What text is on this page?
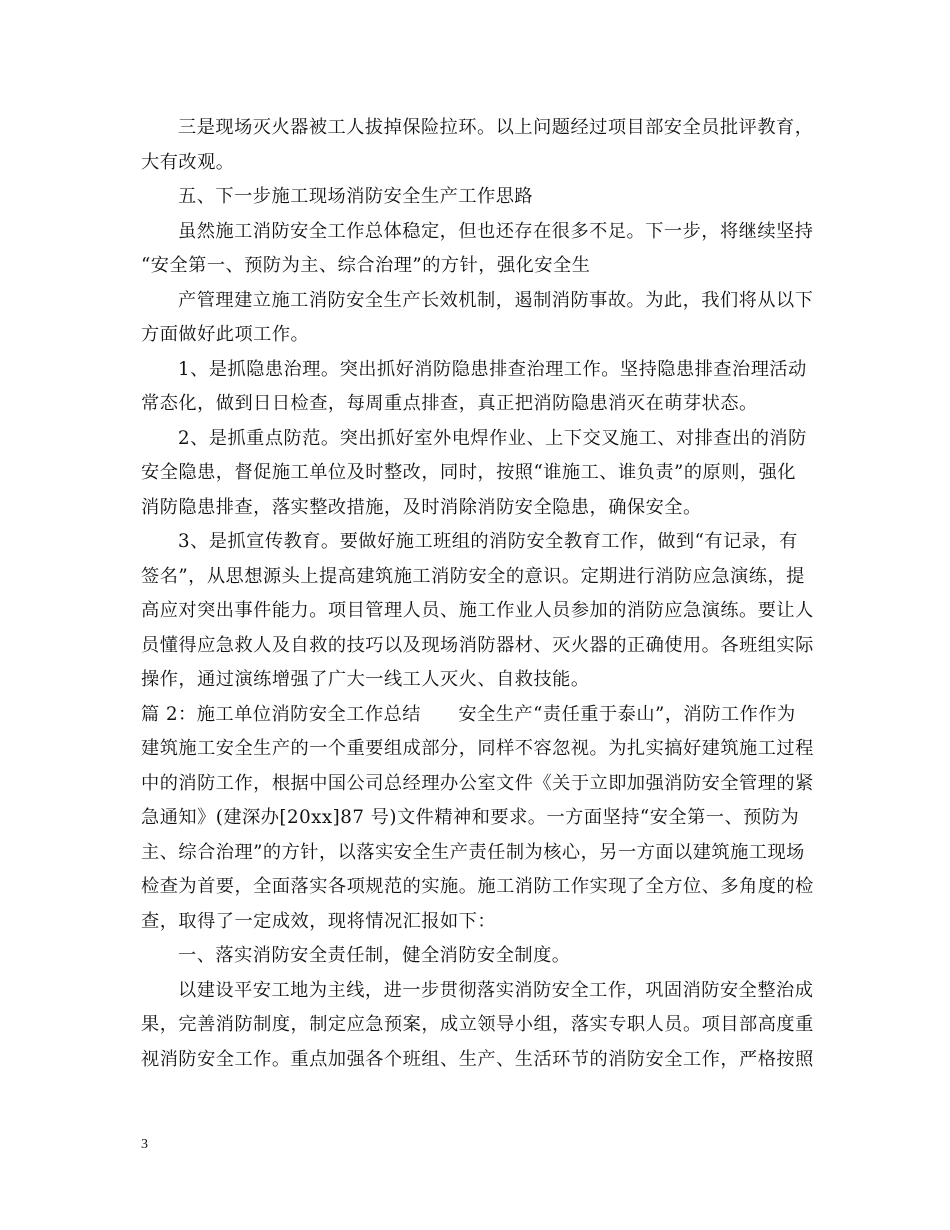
三是现场灭火器被工人拔掉保险拉环。以上问题经过项目部安全员批评教育，
大有改观。

五、下一步施工现场消防安全生产工作思路

虽然施工消防安全工作总体稳定，但也还存在很多不足。下一步，将继续坚持
“安全第一、预防为主、综合治理”的方针，强化安全生

产管理建立施工消防安全生产长效机制，遏制消防事故。为此，我们将从以下
方面做好此项工作。

1、是抓隐患治理。突出抓好消防隐患排查治理工作。坚持隐患排查治理活动
常态化，做到日日检查，每周重点排查，真正把消防隐患消灭在萌芽状态。

2、是抓重点防范。突出抓好室外电焊作业、上下交叉施工、对排查出的消防
安全隐患，督促施工单位及时整改，同时，按照“谁施工、谁负责”的原则，强化
消防隐患排查，落实整改措施，及时消除消防安全隐患，确保安全。

3、是抓宣传教育。要做好施工班组的消防安全教育工作，做到“有记录，有
签名”，从思想源头上提高建筑施工消防安全的意识。定期进行消防应急演练，提
高应对突出事件能力。项目管理人员、施工作业人员参加的消防应急演练。要让人
员懂得应急救人及自救的技巧以及现场消防器材、灭火器的正确使用。各班组实际
操作，通过演练增强了广大一线工人灭火、自救技能。

篇 2：施工单位消防安全工作总结　　安全生产“责任重于泰山”，消防工作作为
建筑施工安全生产的一个重要组成部分，同样不容忽视。为扎实搞好建筑施工过程
中的消防工作，根据中国公司总经理办公室文件《关于立即加强消防安全管理的紧
急通知》(建深办[20xx]87 号)文件精神和要求。一方面坚持“安全第一、预防为
主、综合治理”的方针，以落实安全生产责任制为核心，另一方面以建筑施工现场
检查为首要，全面落实各项规范的实施。施工消防工作实现了全方位、多角度的检
查，取得了一定成效，现将情况汇报如下：

一、落实消防安全责任制，健全消防安全制度。

以建设平安工地为主线，进一步贯彻落实消防安全工作，巩固消防安全整治成
果，完善消防制度，制定应急预案，成立领导小组，落实专职人员。项目部高度重
视消防安全工作。重点加强各个班组、生产、生活环节的消防安全工作，严格按照

3
